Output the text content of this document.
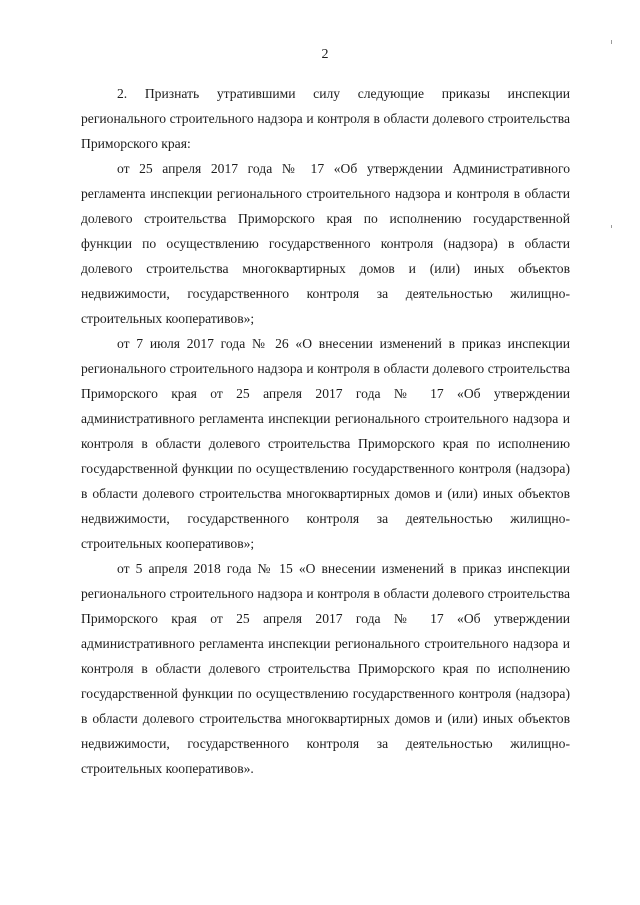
2

2. Признать утратившими силу следующие приказы инспекции регионального строительного надзора и контроля в области долевого строительства Приморского края:

от 25 апреля 2017 года № 17 «Об утверждении Административного регламента инспекции регионального строительного надзора и контроля в области долевого строительства Приморского края по исполнению государственной функции по осуществлению государственного контроля (надзора) в области долевого строительства многоквартирных домов и (или) иных объектов недвижимости, государственного контроля за деятельностью жилищно-строительных кооперативов»;

от 7 июля 2017 года № 26 «О внесении изменений в приказ инспекции регионального строительного надзора и контроля в области долевого строительства Приморского края от 25 апреля 2017 года № 17 «Об утверждении административного регламента инспекции регионального строительного надзора и контроля в области долевого строительства Приморского края по исполнению государственной функции по осуществлению государственного контроля (надзора) в области долевого строительства многоквартирных домов и (или) иных объектов недвижимости, государственного контроля за деятельностью жилищно-строительных кооперативов»;

от 5 апреля 2018 года № 15 «О внесении изменений в приказ инспекции регионального строительного надзора и контроля в области долевого строительства Приморского края от 25 апреля 2017 года № 17 «Об утверждении административного регламента инспекции регионального строительного надзора и контроля в области долевого строительства Приморского края по исполнению государственной функции по осуществлению государственного контроля (надзора) в области долевого строительства многоквартирных домов и (или) иных объектов недвижимости, государственного контроля за деятельностью жилищно-строительных кооперативов».
